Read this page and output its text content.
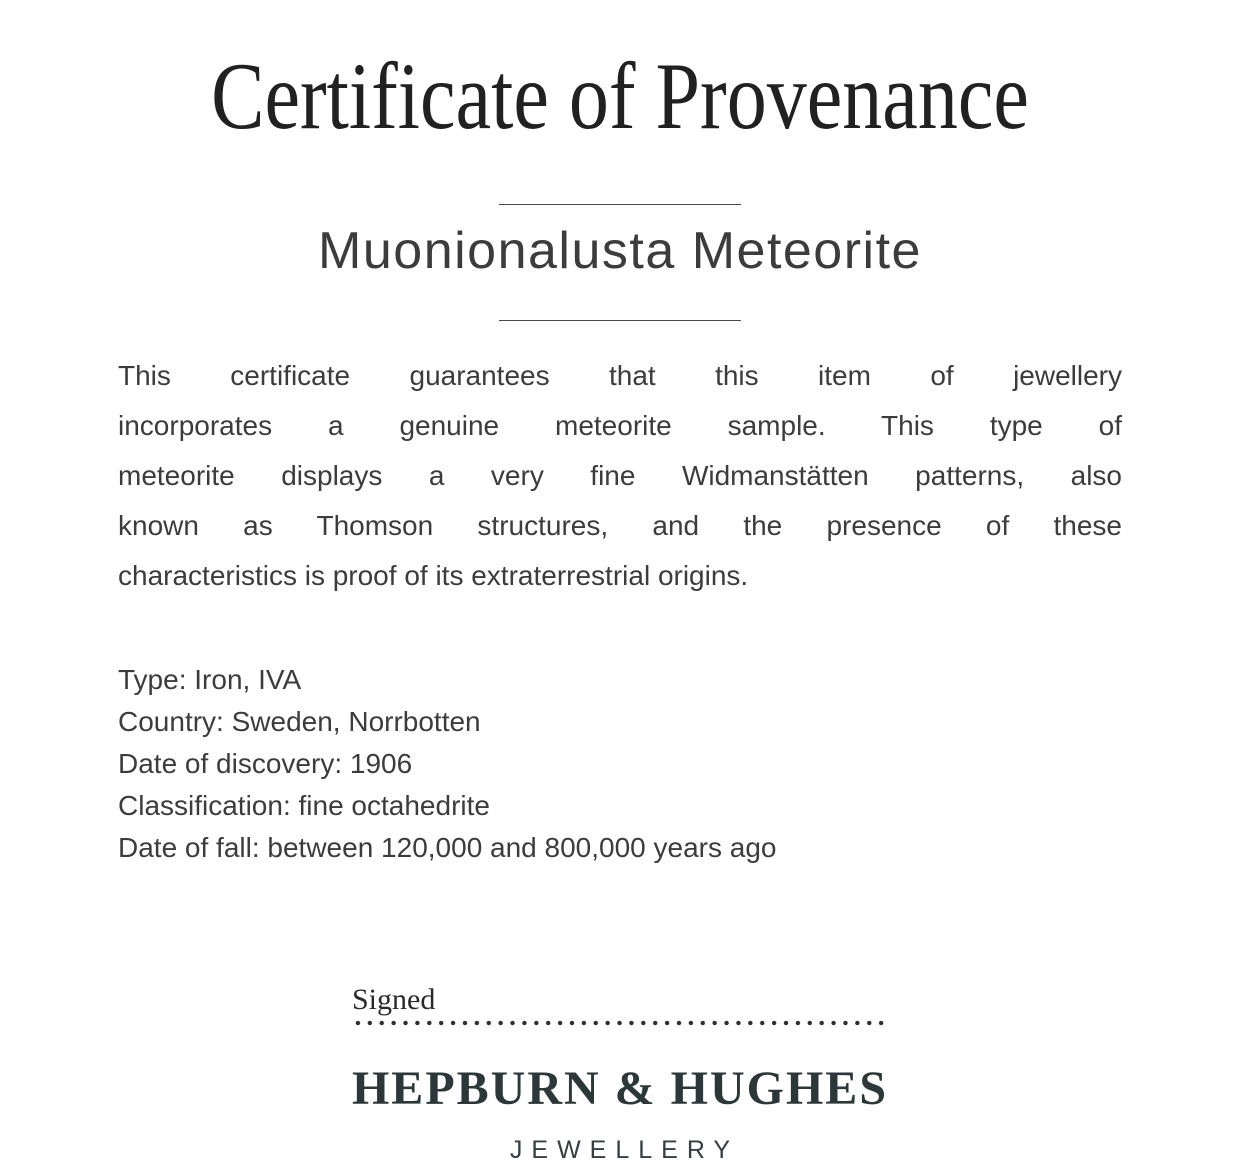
Certificate of Provenance
Muonionalusta Meteorite
This certificate guarantees that this item of jewellery
incorporates a genuine meteorite sample. This type of
meteorite displays a very fine Widmanstätten patterns, also
known as Thomson structures, and the presence of these
characteristics is proof of its extraterrestrial origins.
Type: Iron, IVA
Country: Sweden, Norrbotten
Date of discovery: 1906
Classification: fine octahedrite
Date of fall: between 120,000 and 800,000 years ago
Signed
HEPBURN & HUGHES
JEWELLERY
